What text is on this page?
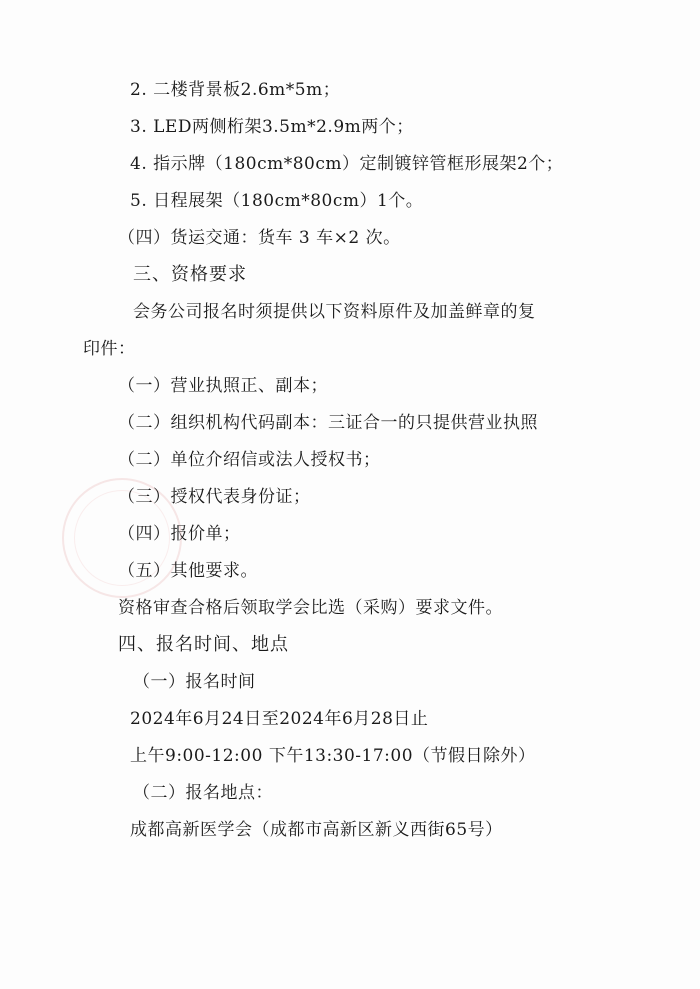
2. 二楼背景板2.6m*5m；
3. LED两侧桁架3.5m*2.9m两个；
4. 指示牌（180cm*80cm）定制镀锌管框形展架2个；
5. 日程展架（180cm*80cm）1个。
（四）货运交通：货车 3 车×2 次。
三、资格要求
会务公司报名时须提供以下资料原件及加盖鲜章的复
印件：
（一）营业执照正、副本；
（二）组织机构代码副本：三证合一的只提供营业执照
（二）单位介绍信或法人授权书；
（三）授权代表身份证；
（四）报价单；
（五）其他要求。
资格审查合格后领取学会比选（采购）要求文件。
四、报名时间、地点
（一）报名时间
2024年6月24日至2024年6月28日止
上午9:00-12:00 下午13:30-17:00（节假日除外）
（二）报名地点：
成都高新医学会（成都市高新区新义西街65号）
